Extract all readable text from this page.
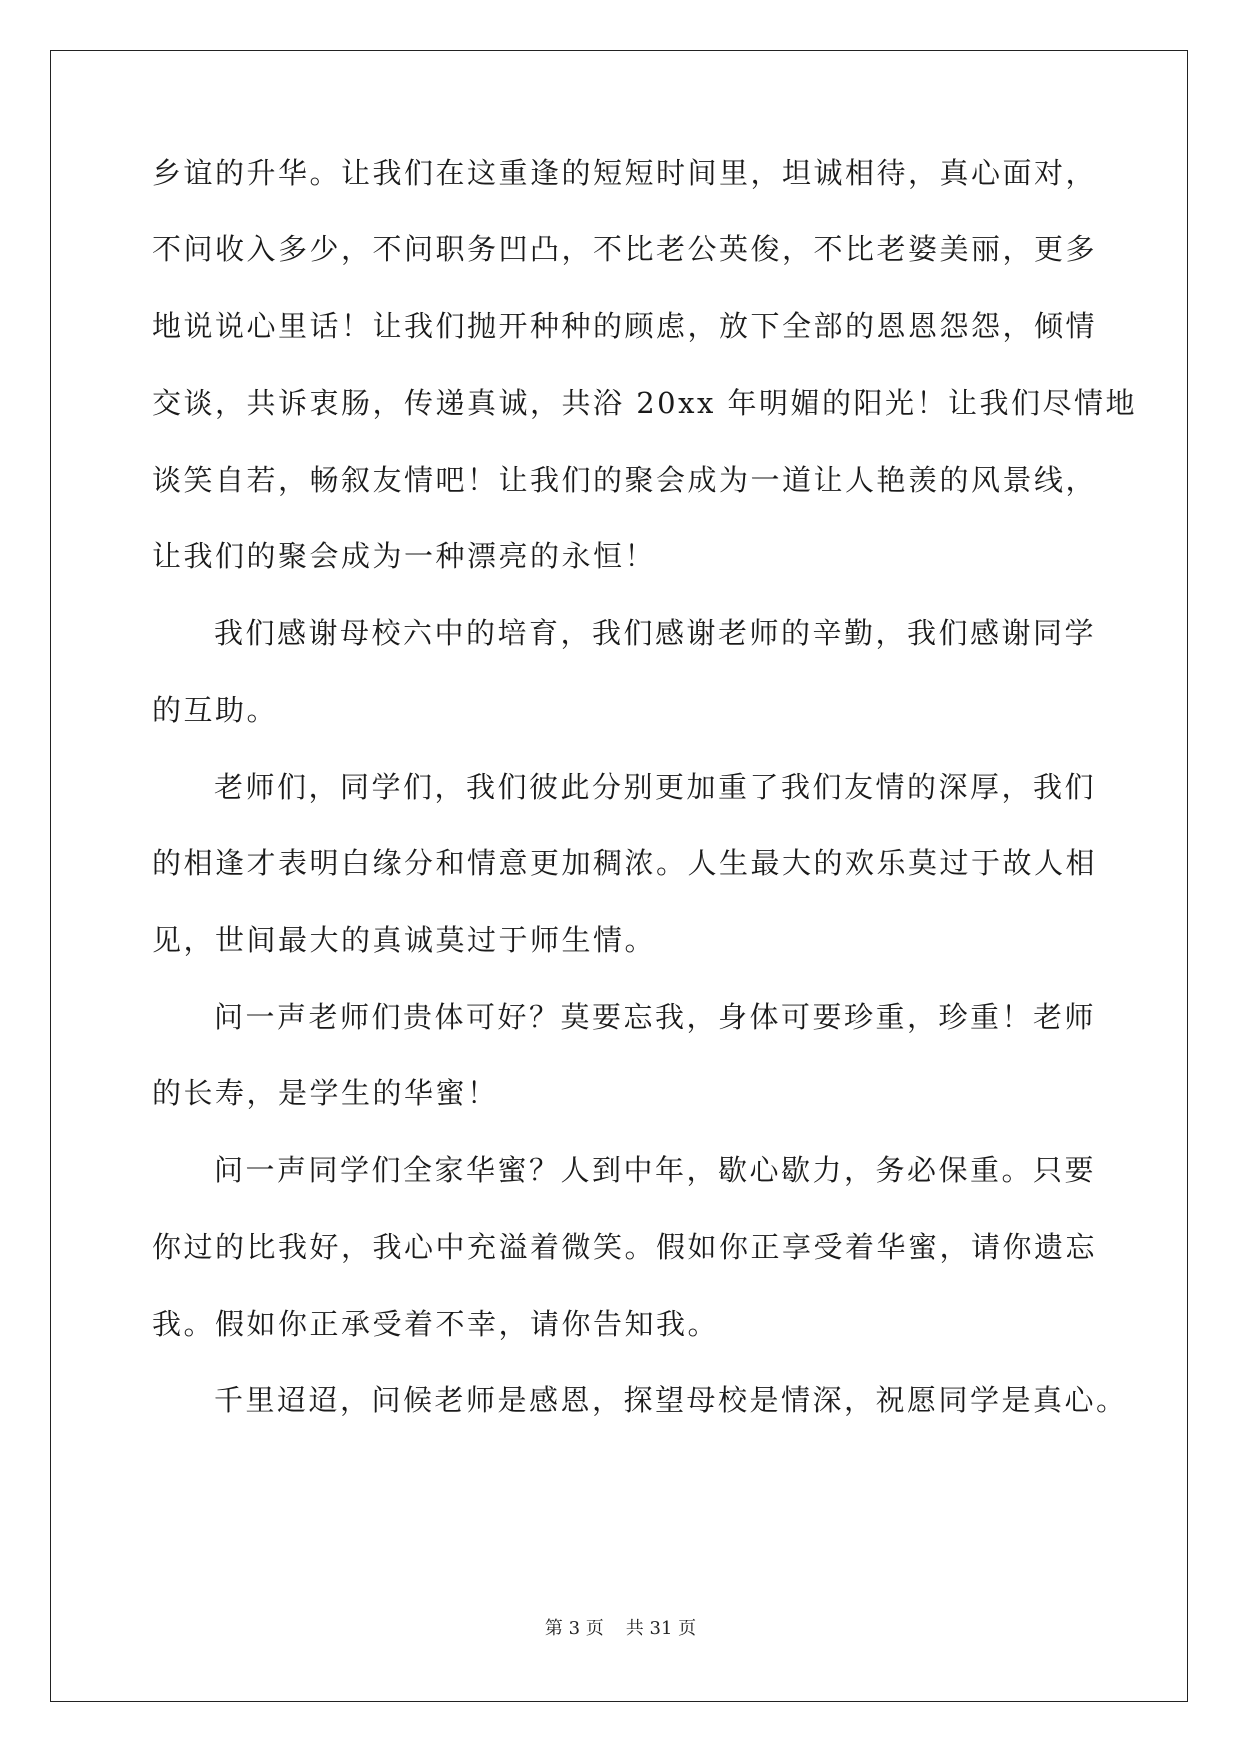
乡谊的升华。让我们在这重逢的短短时间里，坦诚相待，真心面对，
不问收入多少，不问职务凹凸，不比老公英俊，不比老婆美丽，更多
地说说心里话！让我们抛开种种的顾虑，放下全部的恩恩怨怨，倾情
交谈，共诉衷肠，传递真诚，共浴 20xx 年明媚的阳光！让我们尽情地
谈笑自若，畅叙友情吧！让我们的聚会成为一道让人艳羡的风景线，
让我们的聚会成为一种漂亮的永恒！
我们感谢母校六中的培育，我们感谢老师的辛勤，我们感谢同学
的互助。
老师们，同学们，我们彼此分别更加重了我们友情的深厚，我们
的相逢才表明白缘分和情意更加稠浓。人生最大的欢乐莫过于故人相
见，世间最大的真诚莫过于师生情。
问一声老师们贵体可好？莫要忘我，身体可要珍重，珍重！老师
的长寿，是学生的华蜜！
问一声同学们全家华蜜？人到中年，歇心歇力，务必保重。只要
你过的比我好，我心中充溢着微笑。假如你正享受着华蜜，请你遗忘
我。假如你正承受着不幸，请你告知我。
千里迢迢，问候老师是感恩，探望母校是情深，祝愿同学是真心。
第 3 页 共 31 页
